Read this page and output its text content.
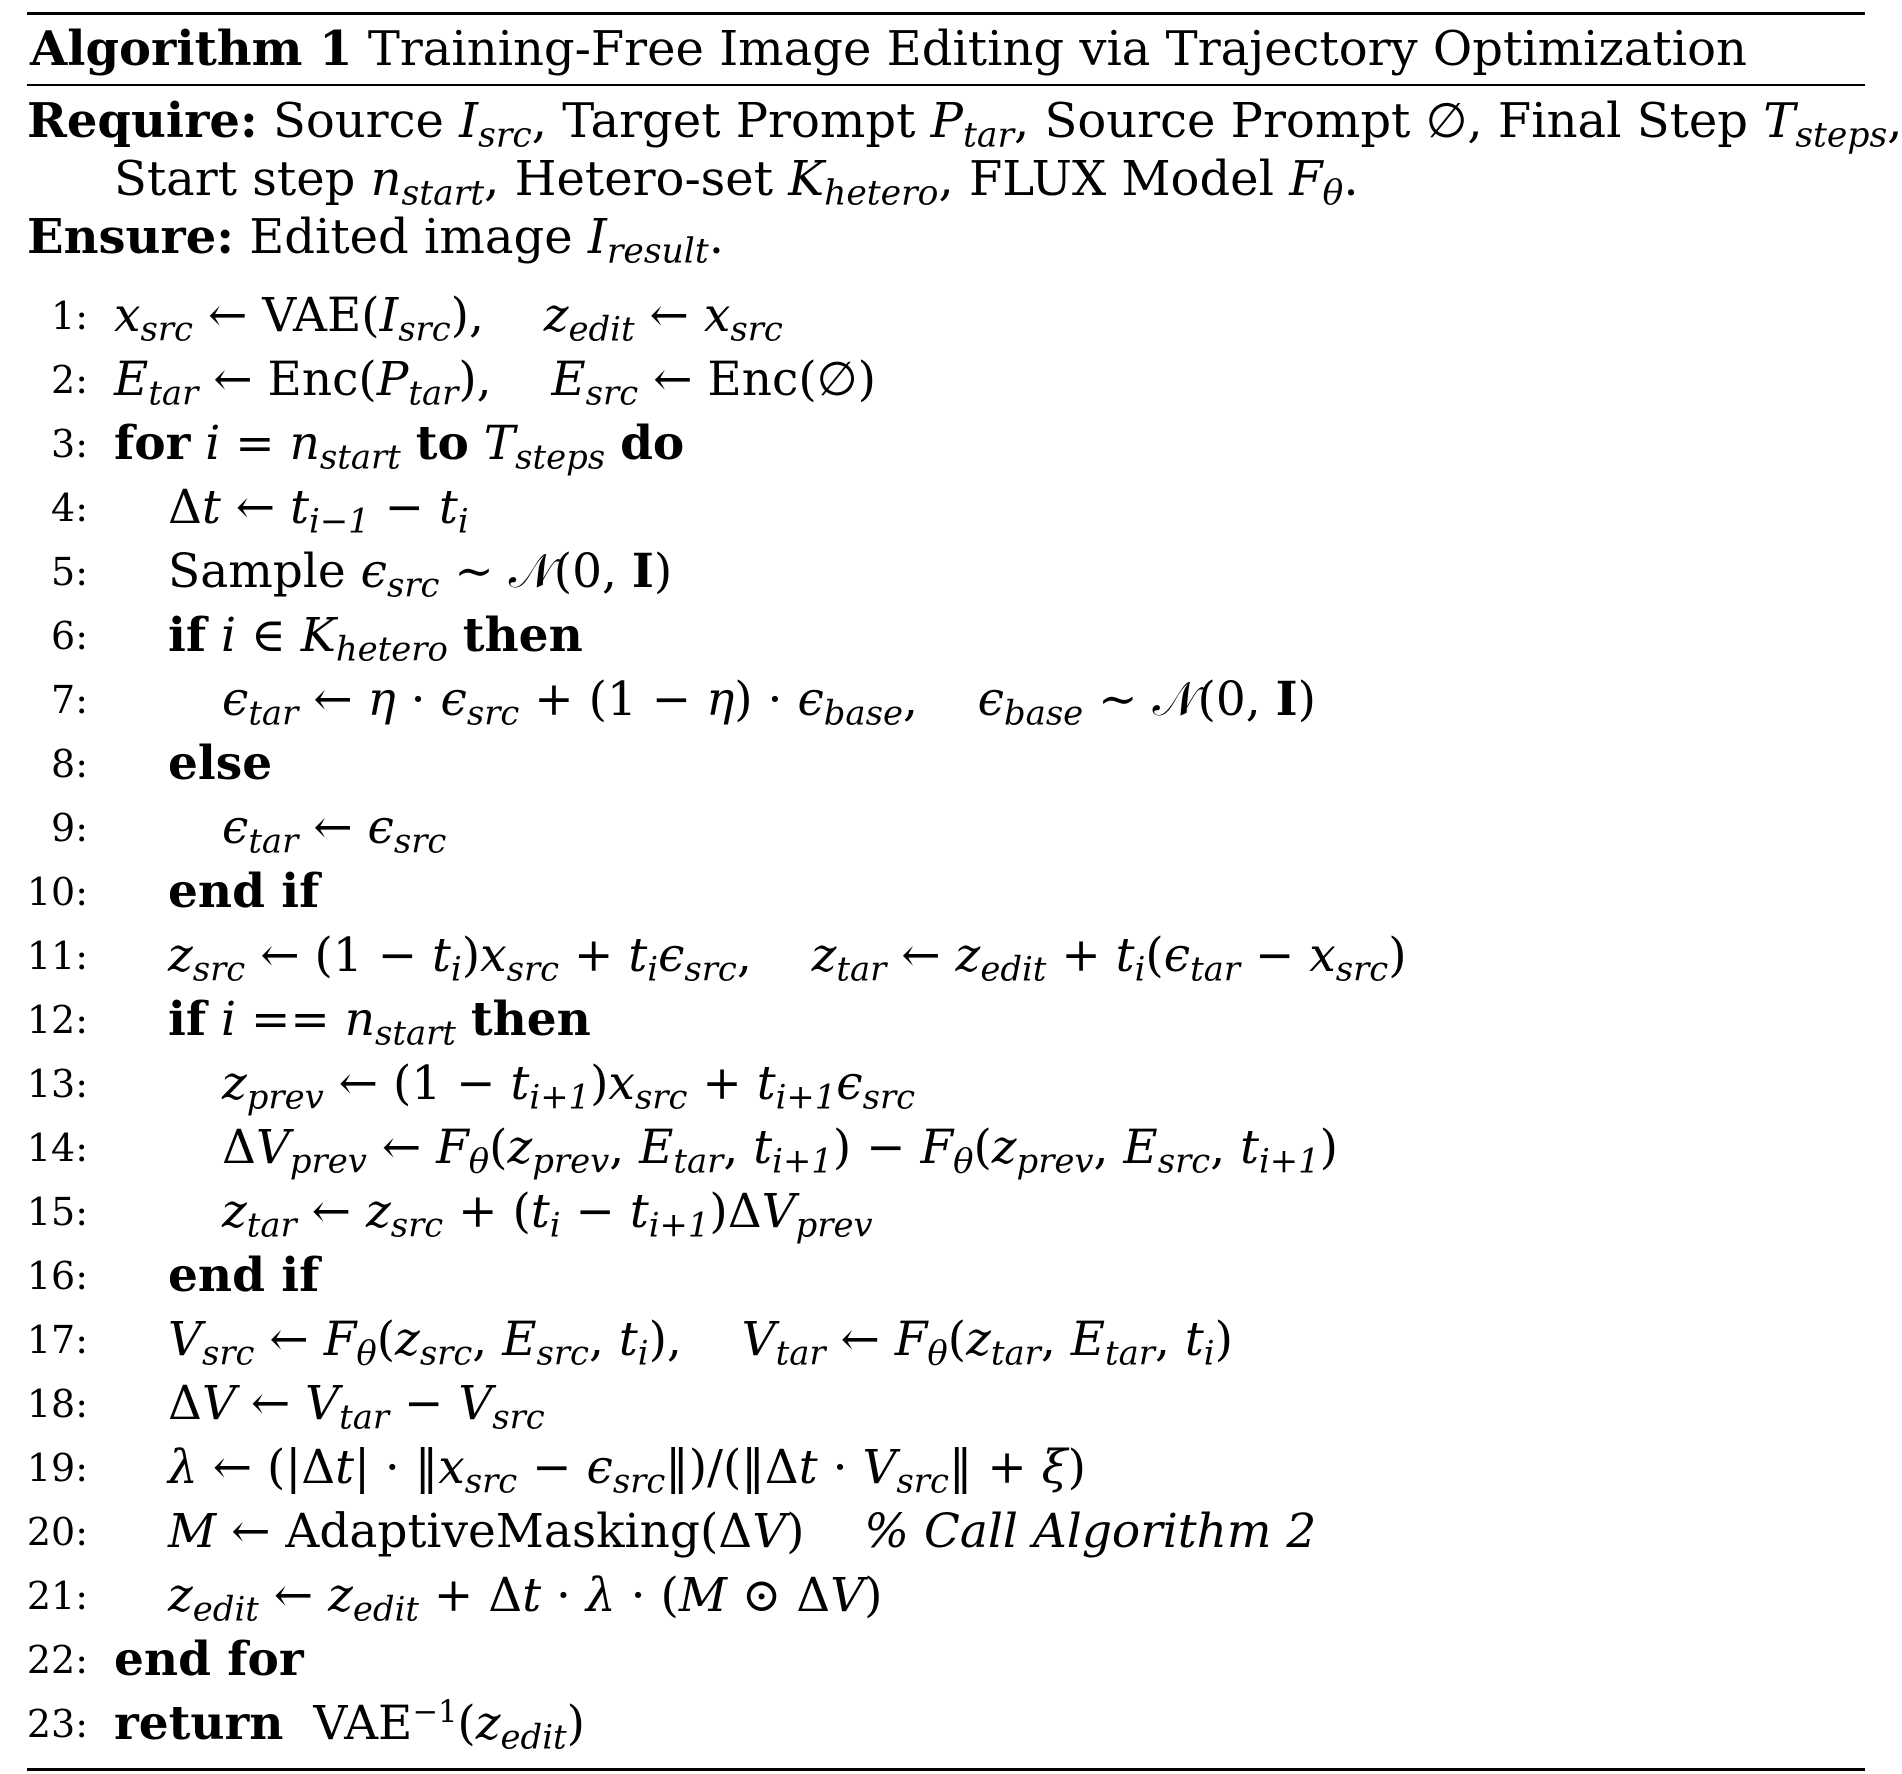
Algorithm 1 Training-Free Image Editing via Trajectory Optimization
Require: Source $I_{src}$, Target Prompt $P_{tar}$, Source Prompt ∅, Final Step $T_{steps}$,
Start step $n_{start}$, Hetero-set $K_{hetero}$, FLUX Model $F_\theta$.
Ensure: Edited image $I_{result}$.
1: $x_{src}$ ← $VAE(I_{src})$,    $z_{edit}$ ← $x_{src}$
2: $E_{tar}$ ← $Enc(P_{tar})$,    $E_{src}$ ← Enc(∅)
3: for $i = n_{start}$ to $T_{steps}$ do
4: Δt ← $t_{i-1} - t_i$
5: Sample $\epsilon_{src}$ ∼ 𝒩(0, I)
6: if i ∈ $K_{hetero}$ then
7:	$\epsilon_{tar}$ ← $\eta \cdot \epsilon_{src} + (1 - \eta) \cdot \epsilon_{base}$,    $\epsilon_{base}$ ∼ 𝒩(0, I)
8: else
9:	$\epsilon_{tar}$ ← $\epsilon_{src}$
10: end if
11: $z_{src}$ ← $(1 - t_i)x_{src} + t_i\epsilon_{src}$,    $z_{tar}$ ← $z_{edit} + t_i(\epsilon_{tar} - x_{src})$
12: if $i == n_{start}$ then
13:	$z_{prev}$ ← $(1 - t_{i+1})x_{src} + t_{i+1}\epsilon_{src}$
14:	$\Delta V_{prev}$ ← $F_\theta(z_{prev}$, $E_{tar}$, $t_{i+1}) - F_\theta(z_{prev}$, $E_{src}$, $t_{i+1}$)
15:	$z_{tar}$ ← $z_{src} + (t_i - t_{i+1})\Delta V_{prev}$
16: end if
17: $V_{src}$ ← $F_\theta(z_{src}$, $E_{src}$, $t_i$),    $V_{tar}$ ← $F_\theta(z_{tar}$, $E_{tar}$, $t_i$)
18: ΔV ← $V_{tar} - V_{src}$
19: λ ← ($|\Delta t| \cdot ‖x_{src}$ − $\epsilon_{src}‖)/(‖\Delta t$ · $V_{src}‖ + \xi$)
20: M ← AdaptiveMasking(ΔV)    % Call Algorithm 2
21: $z_{edit}$ ← $z_{edit} + \Delta t \cdot \lambda \cdot (M$ ⊙ ΔV)
22: end for
23: return  $VAE^{-1}(z_{edit})$
